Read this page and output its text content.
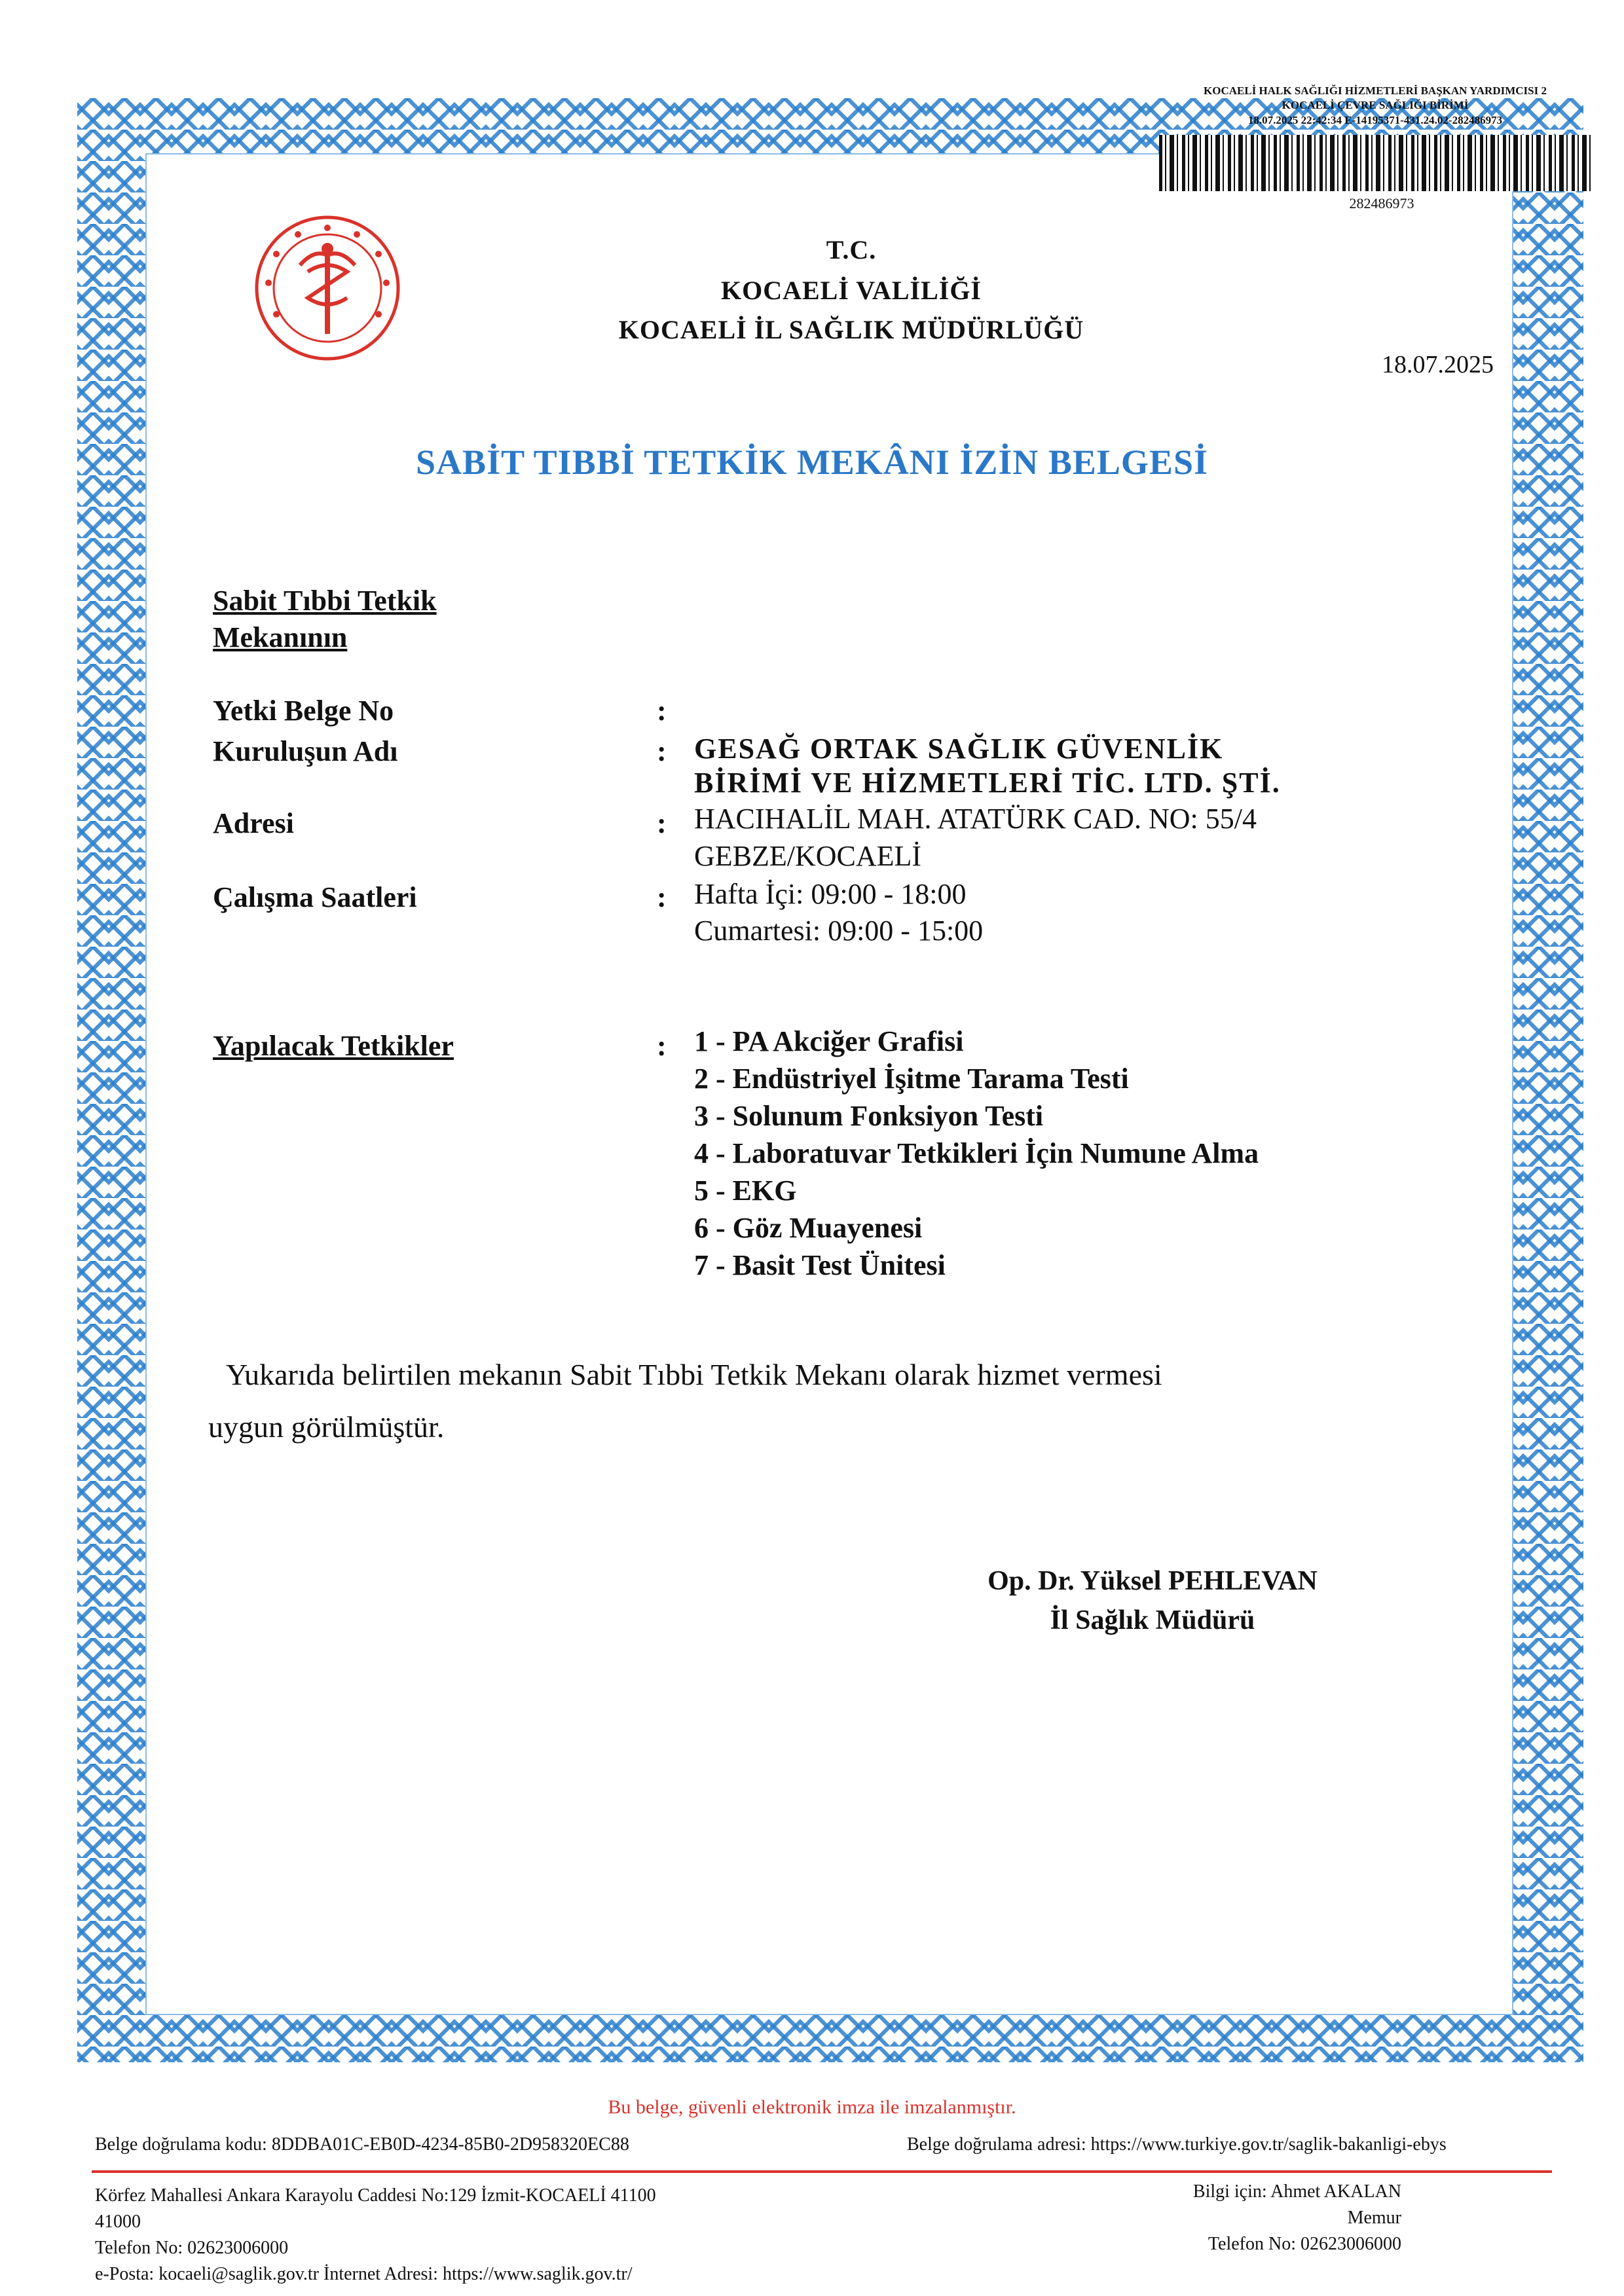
KOCAELİ HALK SAĞLIĞI HİZMETLERİ BAŞKAN YARDIMCISI 2
KOCAELİ ÇEVRE SAĞLIĞI BİRİMİ
18.07.2025 22:42:34 E-14195371-431.24.02-282486973
282486973
T.C.
KOCAELİ VALİLİĞİ
KOCAELİ İL SAĞLIK MÜDÜRLÜĞÜ
18.07.2025
SABİT TIBBİ TETKİK MEKÂNI İZİN BELGESİ
Sabit Tıbbi Tetkik
Mekanının
Yetki Belge No	:
Kuruluşun Adı	: GESAĞ ORTAK SAĞLIK GÜVENLİK
BİRİMİ VE HİZMETLERİ TİC. LTD. ŞTİ.
Adresi	: HACIHALİL MAH. ATATÜRK CAD. NO: 55/4
GEBZE/KOCAELİ
Çalışma Saatleri	: Hafta İçi: 09:00 - 18:00
Cumartesi: 09:00 - 15:00
Yapılacak Tetkikler	: 1 - PA Akciğer Grafisi
2 - Endüstriyel İşitme Tarama Testi
3 - Solunum Fonksiyon Testi
4 - Laboratuvar Tetkikleri İçin Numune Alma
5 - EKG
6 - Göz Muayenesi
7 - Basit Test Ünitesi
Yukarıda belirtilen mekanın Sabit Tıbbi Tetkik Mekanı olarak hizmet vermesi
uygun görülmüştür.
Op. Dr. Yüksel PEHLEVAN
İl Sağlık Müdürü
Bu belge, güvenli elektronik imza ile imzalanmıştır.
Belge doğrulama kodu: 8DDBA01C-EB0D-4234-85B0-2D958320EC88	Belge doğrulama adresi: https://www.turkiye.gov.tr/saglik-bakanligi-ebys
Körfez Mahallesi Ankara Karayolu Caddesi No:129 İzmit-KOCAELİ 41100
41000
Telefon No: 02623006000
e-Posta: kocaeli@saglik.gov.tr İnternet Adresi: https://www.saglik.gov.tr/
Bilgi için: Ahmet AKALAN
Memur
Telefon No: 02623006000
